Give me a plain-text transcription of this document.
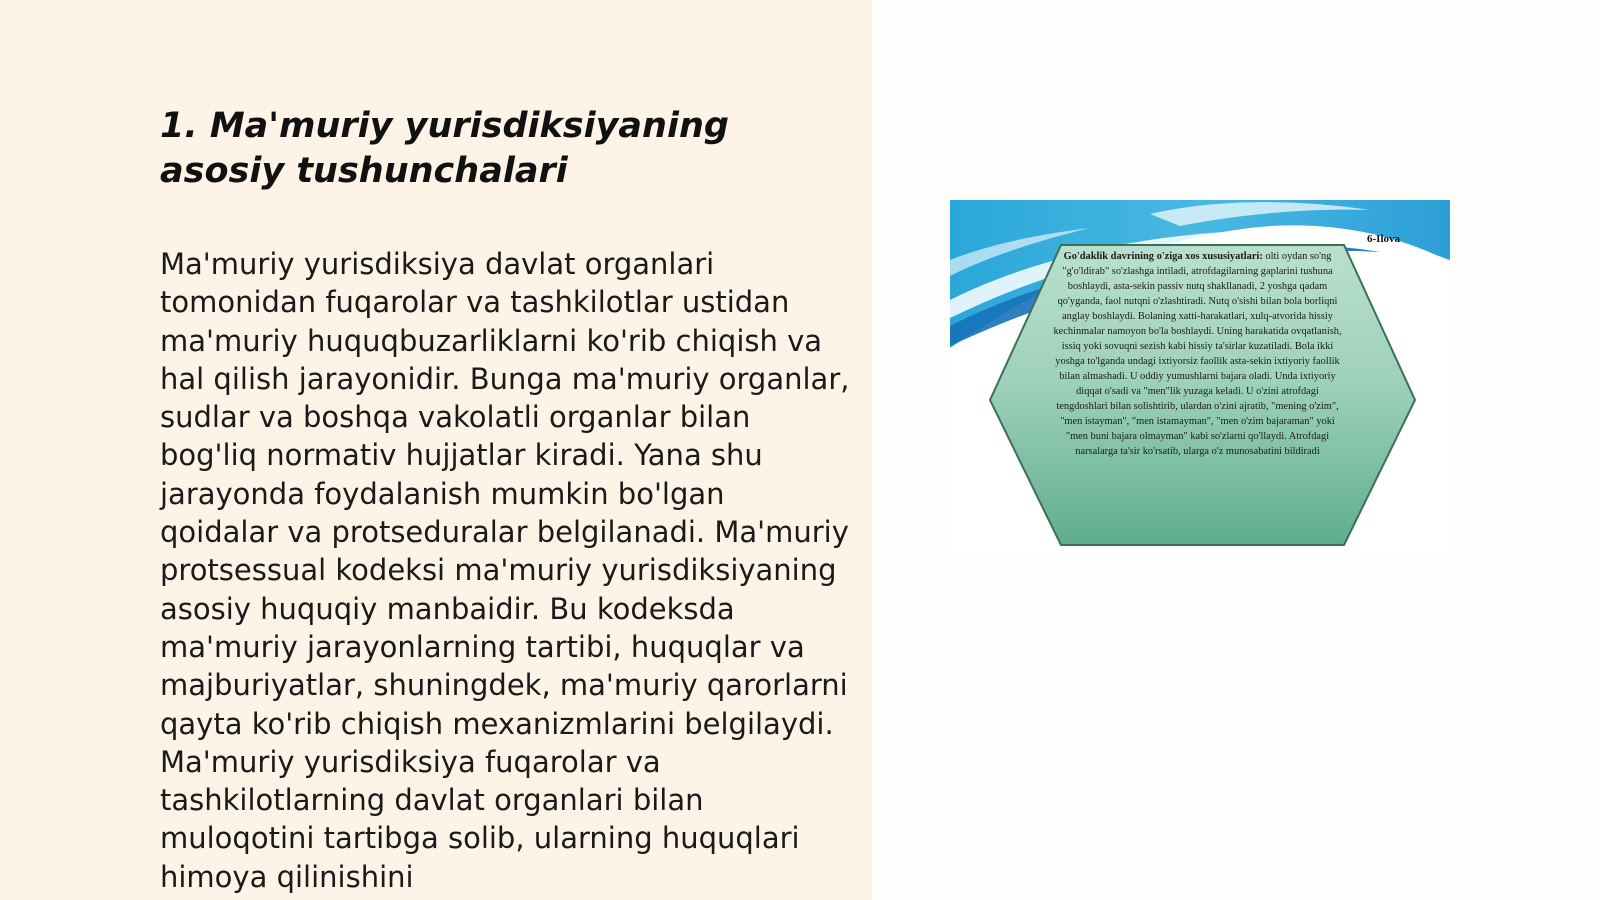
1. Ma'muriy yurisdiksiyaning asosiy tushunchalari

Ma'muriy yurisdiksiya davlat organlari tomonidan fuqarolar va tashkilotlar ustidan ma'muriy huquqbuzarliklarni ko'rib chiqish va hal qilish jarayonidir. Bunga ma'muriy organlar, sudlar va boshqa vakolatli organlar bilan bog'liq normativ hujjatlar kiradi. Yana shu jarayonda foydalanish mumkin bo'lgan qoidalar va protseduralar belgilanadi. Ma'muriy protsessual kodeksi ma'muriy yurisdiksiyaning asosiy huquqiy manbaidir. Bu kodeksda ma'muriy jarayonlarning tartibi, huquqlar va majburiyatlar, shuningdek, ma'muriy qarorlarni qayta ko'rib chiqish mexanizmlarini belgilaydi. Ma'muriy yurisdiksiya fuqarolar va tashkilotlarning davlat organlari bilan muloqotini tartibga solib, ularning huquqlari himoya qilinishini

6-Ilova

Go'daklik davrining o'ziga xos xususiyatlari: olti oydan so'ng "g'o'ldirab" so'zlashga intiladi, atrofdagilarning gaplarini tushuna boshlaydi, asta-sekin passiv nutq shakllanadi, 2 yoshga qadam qo'yganda, faol nutqni o'zlashtiradi. Nutq o'sishi bilan bola borliqni anglay boshlaydi. Bolaning xatti-harakatlari, xulq-atvorida hissiy kechinmalar namoyon bo'la boshlaydi. Uning harakatida ovqatlanish, issiq yoki sovuqni sezish kabi hissiy ta'sirlar kuzatiladi. Bola ikki yoshga to'lganda undagi ixtiyorsiz faollik asta-sekin ixtiyoriy faollik bilan almashadi. U oddiy yumushlarni bajara oladi. Unda ixtiyoriy diqqat o'sadi va "men"lik yuzaga keladi. U o'zini atrofdagi tengdoshlari bilan solishtirib, ulardan o'zini ajratib, "mening o'zim", "men istayman", "men istamayman", "men o'zim bajaraman" yoki "men buni bajara olmayman" kabi so'zlarni qo'llaydi. Atrofdagi narsalarga ta'sir ko'rsatib, ularga o'z munosabatini bildiradi
